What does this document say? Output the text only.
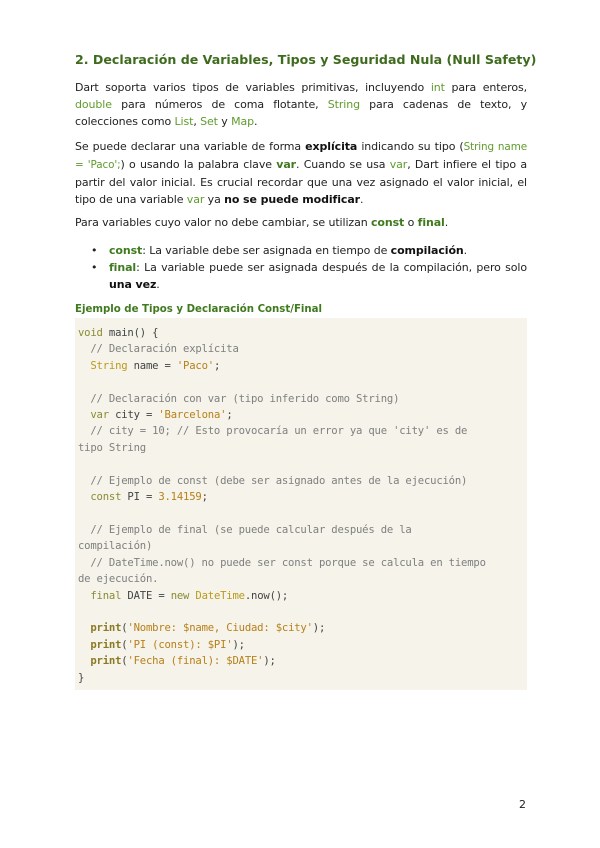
2. Declaración de Variables, Tipos y Seguridad Nula (Null Safety)

Dart soporta varios tipos de variables primitivas, incluyendo int para enteros, double para números de coma flotante, String para cadenas de texto, y colecciones como List, Set y Map.

Se puede declarar una variable de forma explícita indicando su tipo (String name = 'Paco';) o usando la palabra clave var. Cuando se usa var, Dart infiere el tipo a partir del valor inicial. Es crucial recordar que una vez asignado el valor inicial, el tipo de una variable var ya no se puede modificar.

Para variables cuyo valor no debe cambiar, se utilizan const o final.

• const: La variable debe ser asignada en tiempo de compilación.
• final: La variable puede ser asignada después de la compilación, pero solo una vez.
Ejemplo de Tipos y Declaración Const/Final
void main() {
// Declaración explícita
String name = 'Paco';

// Declaración con var (tipo inferido como String)
var city = 'Barcelona';
// city = 10; // Esto provocaría un error ya que 'city' es de
tipo String

// Ejemplo de const (debe ser asignado antes de la ejecución)
const PI = 3.14159;

// Ejemplo de final (se puede calcular después de la
compilación)
// DateTime.now() no puede ser const porque se calcula en tiempo
de ejecución.
final DATE = new DateTime.now();

print('Nombre: $name, Ciudad: $city');
print('PI (const): $PI');
print('Fecha (final): $DATE');
}
2
